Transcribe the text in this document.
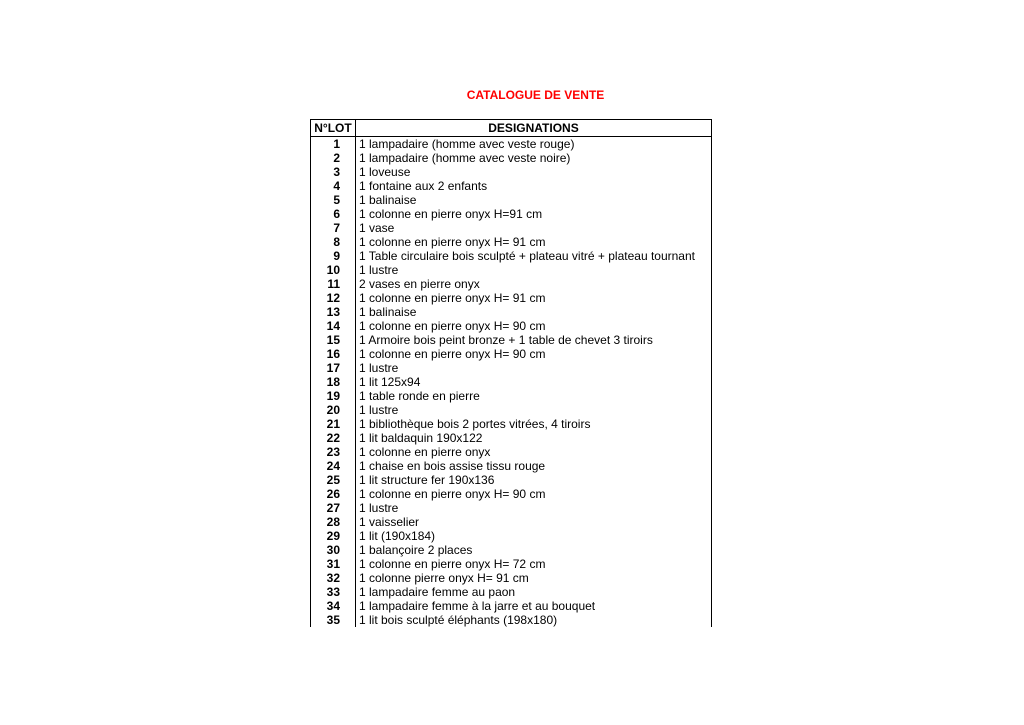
CATALOGUE DE VENTE
N°LOT	DESIGNATIONS
1	1 lampadaire (homme avec veste rouge)
2	1 lampadaire (homme avec veste noire)
3	1 loveuse
4	1 fontaine aux 2 enfants
5	1 balinaise
6	1 colonne en pierre onyx H=91 cm
7	1 vase
8	1 colonne en pierre onyx H= 91 cm
9	1 Table circulaire bois sculpté + plateau vitré + plateau tournant
10	1 lustre
11	2 vases en pierre onyx
12	1 colonne en pierre onyx H= 91 cm
13	1 balinaise
14	1 colonne en pierre onyx H= 90 cm
15	1 Armoire bois peint bronze + 1 table de chevet 3 tiroirs
16	1 colonne en pierre onyx H= 90 cm
17	1 lustre
18	1 lit 125x94
19	1 table ronde en pierre
20	1 lustre
21	1 bibliothèque bois 2 portes vitrées, 4 tiroirs
22	1 lit baldaquin 190x122
23	1 colonne en pierre onyx
24	1 chaise en bois assise tissu rouge
25	1 lit structure fer 190x136
26	1 colonne en pierre onyx H= 90 cm
27	1 lustre
28	1 vaisselier
29	1 lit (190x184)
30	1 balançoire 2 places
31	1 colonne en pierre onyx H= 72 cm
32	1 colonne pierre onyx H= 91 cm
33	1 lampadaire femme au paon
34	1 lampadaire femme à la jarre et au bouquet
35	1 lit bois sculpté éléphants (198x180)
